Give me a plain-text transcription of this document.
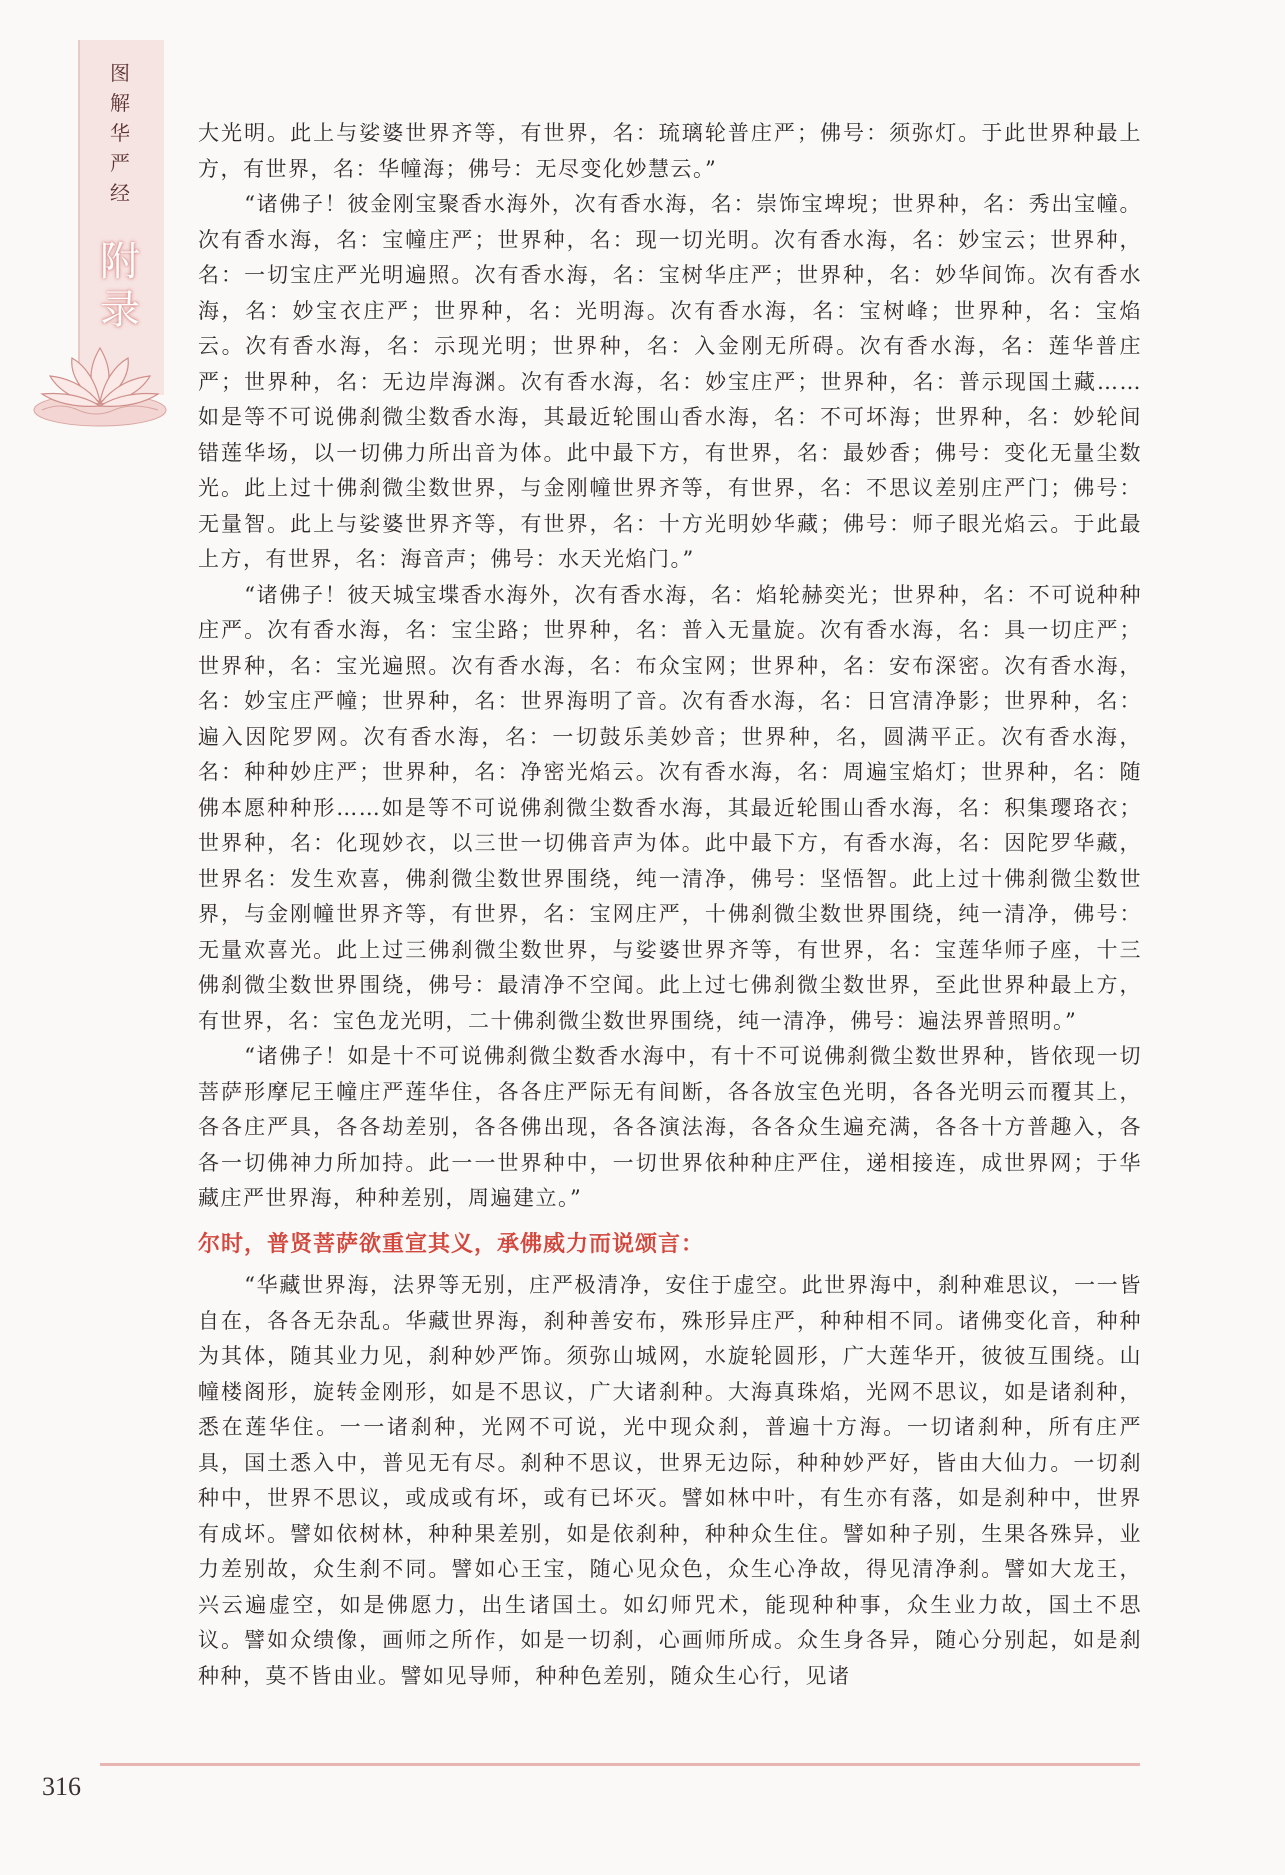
图
解
华
严
经
附
录

大光明。此上与娑婆世界齐等，有世界，名：琉璃轮普庄严；佛号：须弥灯。于此世界种最上方，有世界，名：华幢海；佛号：无尽变化妙慧云。”

“诸佛子！彼金刚宝聚香水海外，次有香水海，名：崇饰宝埤堄；世界种，名：秀出宝幢。次有香水海，名：宝幢庄严；世界种，名：现一切光明。次有香水海，名：妙宝云；世界种，名：一切宝庄严光明遍照。次有香水海，名：宝树华庄严；世界种，名：妙华间饰。次有香水海，名：妙宝衣庄严；世界种，名：光明海。次有香水海，名：宝树峰；世界种，名：宝焰云。次有香水海，名：示现光明；世界种，名：入金刚无所碍。次有香水海，名：莲华普庄严；世界种，名：无边岸海渊。次有香水海，名：妙宝庄严；世界种，名：普示现国土藏……如是等不可说佛刹微尘数香水海，其最近轮围山香水海，名：不可坏海；世界种，名：妙轮间错莲华场，以一切佛力所出音为体。此中最下方，有世界，名：最妙香；佛号：变化无量尘数光。此上过十佛刹微尘数世界，与金刚幢世界齐等，有世界，名：不思议差别庄严门；佛号：无量智。此上与娑婆世界齐等，有世界，名：十方光明妙华藏；佛号：师子眼光焰云。于此最上方，有世界，名：海音声；佛号：水天光焰门。”

“诸佛子！彼天城宝堞香水海外，次有香水海，名：焰轮赫奕光；世界种，名：不可说种种庄严。次有香水海，名：宝尘路；世界种，名：普入无量旋。次有香水海，名：具一切庄严；世界种，名：宝光遍照。次有香水海，名：布众宝网；世界种，名：安布深密。次有香水海，名：妙宝庄严幢；世界种，名：世界海明了音。次有香水海，名：日宫清净影；世界种，名：遍入因陀罗网。次有香水海，名：一切鼓乐美妙音；世界种，名，圆满平正。次有香水海，名：种种妙庄严；世界种，名：净密光焰云。次有香水海，名：周遍宝焰灯；世界种，名：随佛本愿种种形……如是等不可说佛刹微尘数香水海，其最近轮围山香水海，名：积集璎珞衣；世界种，名：化现妙衣，以三世一切佛音声为体。此中最下方，有香水海，名：因陀罗华藏，世界名：发生欢喜，佛刹微尘数世界围绕，纯一清净，佛号：坚悟智。此上过十佛刹微尘数世界，与金刚幢世界齐等，有世界，名：宝网庄严，十佛刹微尘数世界围绕，纯一清净，佛号：无量欢喜光。此上过三佛刹微尘数世界，与娑婆世界齐等，有世界，名：宝莲华师子座，十三佛刹微尘数世界围绕，佛号：最清净不空闻。此上过七佛刹微尘数世界，至此世界种最上方，有世界，名：宝色龙光明，二十佛刹微尘数世界围绕，纯一清净，佛号：遍法界普照明。”

“诸佛子！如是十不可说佛刹微尘数香水海中，有十不可说佛刹微尘数世界种，皆依现一切菩萨形摩尼王幢庄严莲华住，各各庄严际无有间断，各各放宝色光明，各各光明云而覆其上，各各庄严具，各各劫差别，各各佛出现，各各演法海，各各众生遍充满，各各十方普趣入，各各一切佛神力所加持。此一一世界种中，一切世界依种种庄严住，递相接连，成世界网；于华藏庄严世界海，种种差别，周遍建立。”

尔时，普贤菩萨欲重宣其义，承佛威力而说颂言：

“华藏世界海，法界等无别，庄严极清净，安住于虚空。此世界海中，刹种难思议，一一皆自在，各各无杂乱。华藏世界海，刹种善安布，殊形异庄严，种种相不同。诸佛变化音，种种为其体，随其业力见，刹种妙严饰。须弥山城网，水旋轮圆形，广大莲华开，彼彼互围绕。山幢楼阁形，旋转金刚形，如是不思议，广大诸刹种。大海真珠焰，光网不思议，如是诸刹种，悉在莲华住。一一诸刹种，光网不可说，光中现众刹，普遍十方海。一切诸刹种，所有庄严具，国土悉入中，普见无有尽。刹种不思议，世界无边际，种种妙严好，皆由大仙力。一切刹种中，世界不思议，或成或有坏，或有已坏灭。譬如林中叶，有生亦有落，如是刹种中，世界有成坏。譬如依树林，种种果差别，如是依刹种，种种众生住。譬如种子别，生果各殊异，业力差别故，众生刹不同。譬如心王宝，随心见众色，众生心净故，得见清净刹。譬如大龙王，兴云遍虚空，如是佛愿力，出生诸国土。如幻师咒术，能现种种事，众生业力故，国土不思议。譬如众缋像，画师之所作，如是一切刹，心画师所成。众生身各异，随心分别起，如是刹种种，莫不皆由业。譬如见导师，种种色差别，随众生心行，见诸

316
